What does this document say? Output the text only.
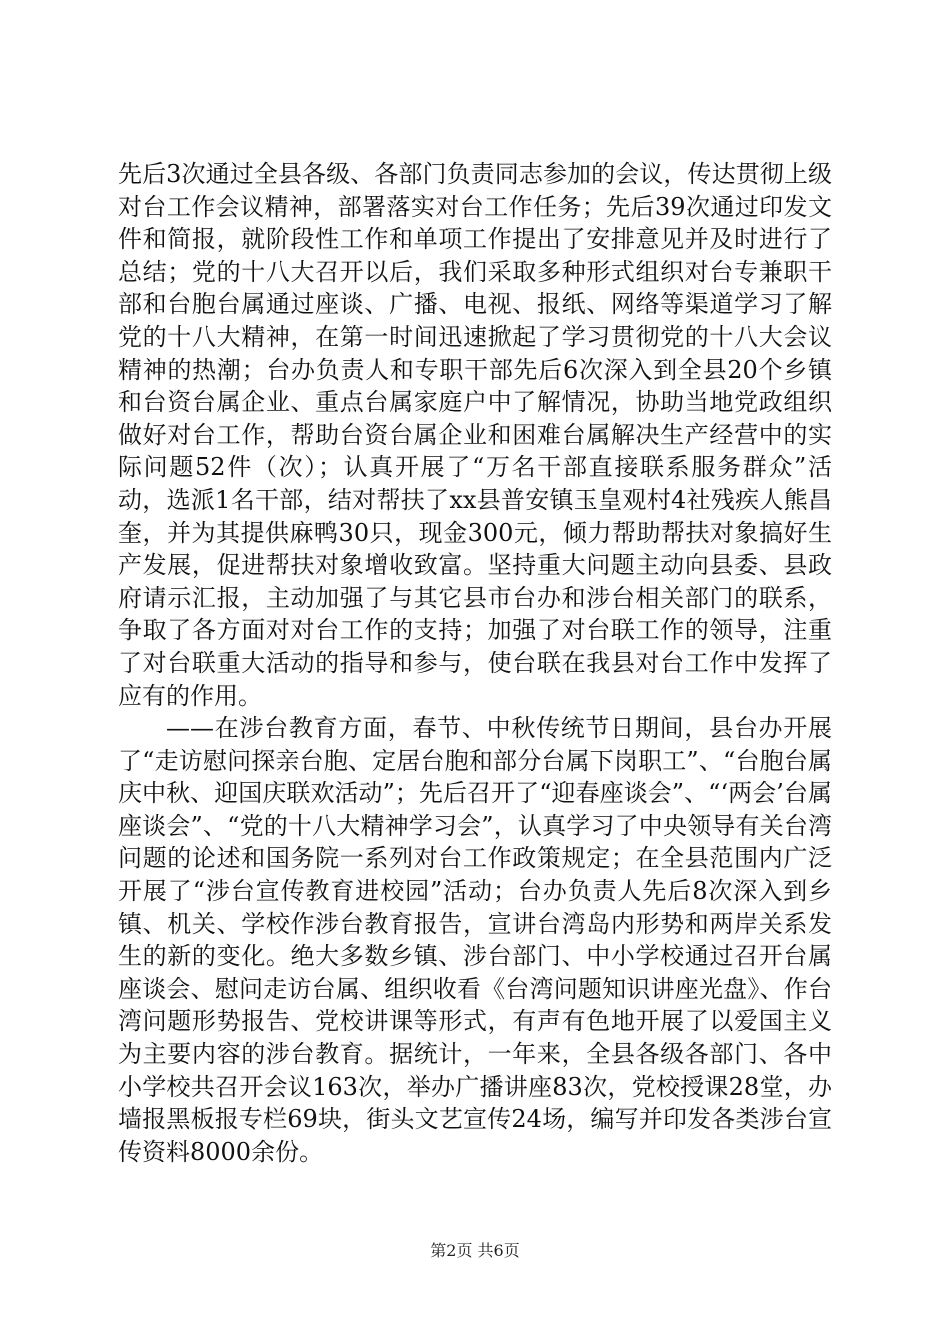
先后3次通过全县各级、各部门负责同志参加的会议，传达贯彻上级对台工作会议精神，部署落实对台工作任务；先后39次通过印发文件和简报，就阶段性工作和单项工作提出了安排意见并及时进行了总结；党的十八大召开以后，我们采取多种形式组织对台专兼职干部和台胞台属通过座谈、广播、电视、报纸、网络等渠道学习了解党的十八大精神，在第一时间迅速掀起了学习贯彻党的十八大会议精神的热潮；台办负责人和专职干部先后6次深入到全县20个乡镇和台资台属企业、重点台属家庭户中了解情况，协助当地党政组织做好对台工作，帮助台资台属企业和困难台属解决生产经营中的实际问题52件（次）；认真开展了“万名干部直接联系服务群众”活动，选派1名干部，结对帮扶了xx县普安镇玉皇观村4社残疾人熊昌奎，并为其提供麻鸭30只，现金300元，倾力帮助帮扶对象搞好生产发展，促进帮扶对象增收致富。坚持重大问题主动向县委、县政府请示汇报，主动加强了与其它县市台办和涉台相关部门的联系，争取了各方面对对台工作的支持；加强了对台联工作的领导，注重了对台联重大活动的指导和参与，使台联在我县对台工作中发挥了应有的作用。

——在涉台教育方面，春节、中秋传统节日期间，县台办开展了“走访慰问探亲台胞、定居台胞和部分台属下岗职工”、“台胞台属庆中秋、迎国庆联欢活动”；先后召开了“迎春座谈会”、“‘两会’台属座谈会”、“党的十八大精神学习会”，认真学习了中央领导有关台湾问题的论述和国务院一系列对台工作政策规定；在全县范围内广泛开展了“涉台宣传教育进校园”活动；台办负责人先后8次深入到乡镇、机关、学校作涉台教育报告，宣讲台湾岛内形势和两岸关系发生的新的变化。绝大多数乡镇、涉台部门、中小学校通过召开台属座谈会、慰问走访台属、组织收看《台湾问题知识讲座光盘》、作台湾问题形势报告、党校讲课等形式，有声有色地开展了以爱国主义为主要内容的涉台教育。据统计，一年来，全县各级各部门、各中小学校共召开会议163次，举办广播讲座83次，党校授课28堂，办墙报黑板报专栏69块，街头文艺宣传24场，编写并印发各类涉台宣传资料8000余份。

第2页 共6页
